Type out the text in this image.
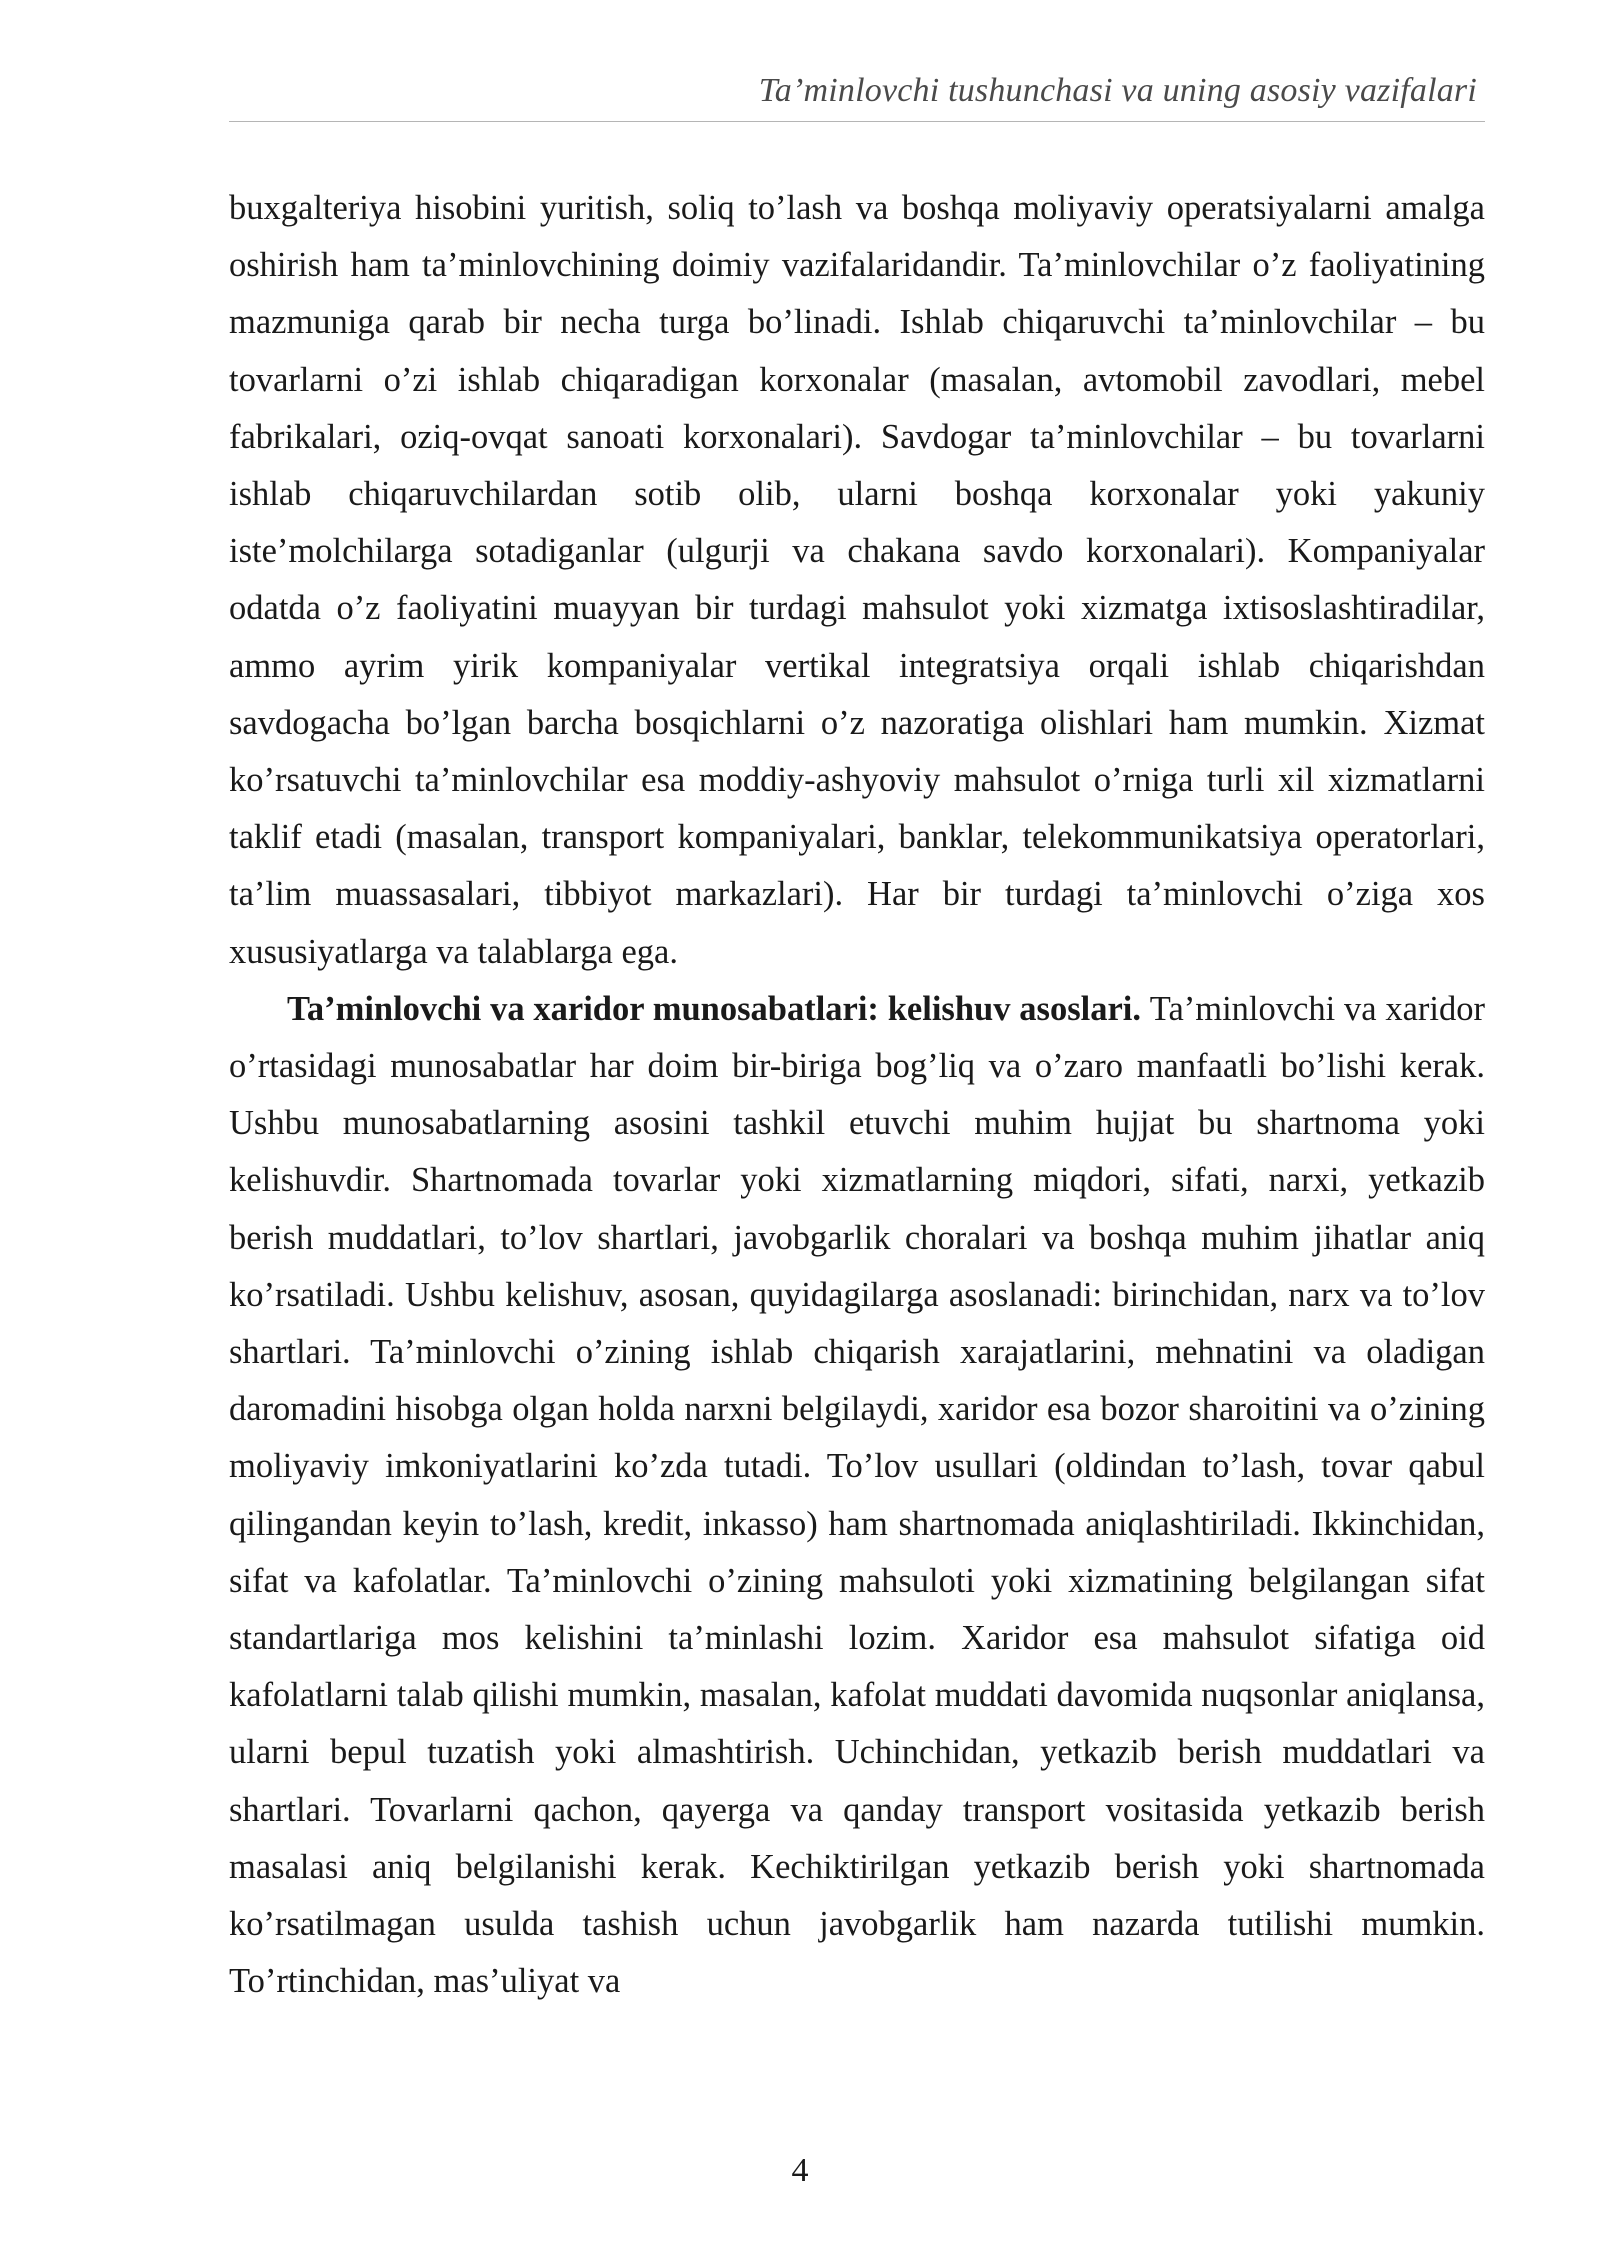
Ta’minlovchi tushunchasi va uning asosiy vazifalari

buxgalteriya hisobini yuritish, soliq to’lash va boshqa moliyaviy operatsiyalarni amalga oshirish ham ta’minlovchining doimiy vazifalaridandir. Ta’minlovchilar o’z faoliyatining mazmuniga qarab bir necha turga bo’linadi. Ishlab chiqaruvchi ta’minlovchilar – bu tovarlarni o’zi ishlab chiqaradigan korxonalar (masalan, avtomobil zavodlari, mebel fabrikalari, oziq-ovqat sanoati korxonalari). Savdogar ta’minlovchilar – bu tovarlarni ishlab chiqaruvchilardan sotib olib, ularni boshqa korxonalar yoki yakuniy iste’molchilarga sotadiganlar (ulgurji va chakana savdo korxonalari). Kompaniyalar odatda o’z faoliyatini muayyan bir turdagi mahsulot yoki xizmatga ixtisoslashtiradilar, ammo ayrim yirik kompaniyalar vertikal integratsiya orqali ishlab chiqarishdan savdogacha bo’lgan barcha bosqichlarni o’z nazoratiga olishlari ham mumkin. Xizmat ko’rsatuvchi ta’minlovchilar esa moddiy-ashyoviy mahsulot o’rniga turli xil xizmatlarni taklif etadi (masalan, transport kompaniyalari, banklar, telekommunikatsiya operatorlari, ta’lim muassasalari, tibbiyot markazlari). Har bir turdagi ta’minlovchi o’ziga xos xususiyatlarga va talablarga ega.

Ta’minlovchi va xaridor munosabatlari: kelishuv asoslari. Ta’minlovchi va xaridor o’rtasidagi munosabatlar har doim bir-biriga bog’liq va o’zaro manfaatli bo’lishi kerak. Ushbu munosabatlarning asosini tashkil etuvchi muhim hujjat bu shartnoma yoki kelishuvdir. Shartnomada tovarlar yoki xizmatlarning miqdori, sifati, narxi, yetkazib berish muddatlari, to’lov shartlari, javobgarlik choralari va boshqa muhim jihatlar aniq ko’rsatiladi. Ushbu kelishuv, asosan, quyidagilarga asoslanadi: birinchidan, narx va to’lov shartlari. Ta’minlovchi o’zining ishlab chiqarish xarajatlarini, mehnatini va oladigan daromadini hisobga olgan holda narxni belgilaydi, xaridor esa bozor sharoitini va o’zining moliyaviy imkoniyatlarini ko’zda tutadi. To’lov usullari (oldindan to’lash, tovar qabul qilingandan keyin to’lash, kredit, inkasso) ham shartnomada aniqlashtiriladi. Ikkinchidan, sifat va kafolatlar. Ta’minlovchi o’zining mahsuloti yoki xizmatining belgilangan sifat standartlariga mos kelishini ta’minlashi lozim. Xaridor esa mahsulot sifatiga oid kafolatlarni talab qilishi mumkin, masalan, kafolat muddati davomida nuqsonlar aniqlansa, ularni bepul tuzatish yoki almashtirish. Uchinchidan, yetkazib berish muddatlari va shartlari. Tovarlarni qachon, qayerga va qanday transport vositasida yetkazib berish masalasi aniq belgilanishi kerak. Kechiktirilgan yetkazib berish yoki shartnomada ko’rsatilmagan usulda tashish uchun javobgarlik ham nazarda tutilishi mumkin. To’rtinchidan, mas’uliyat va

4
